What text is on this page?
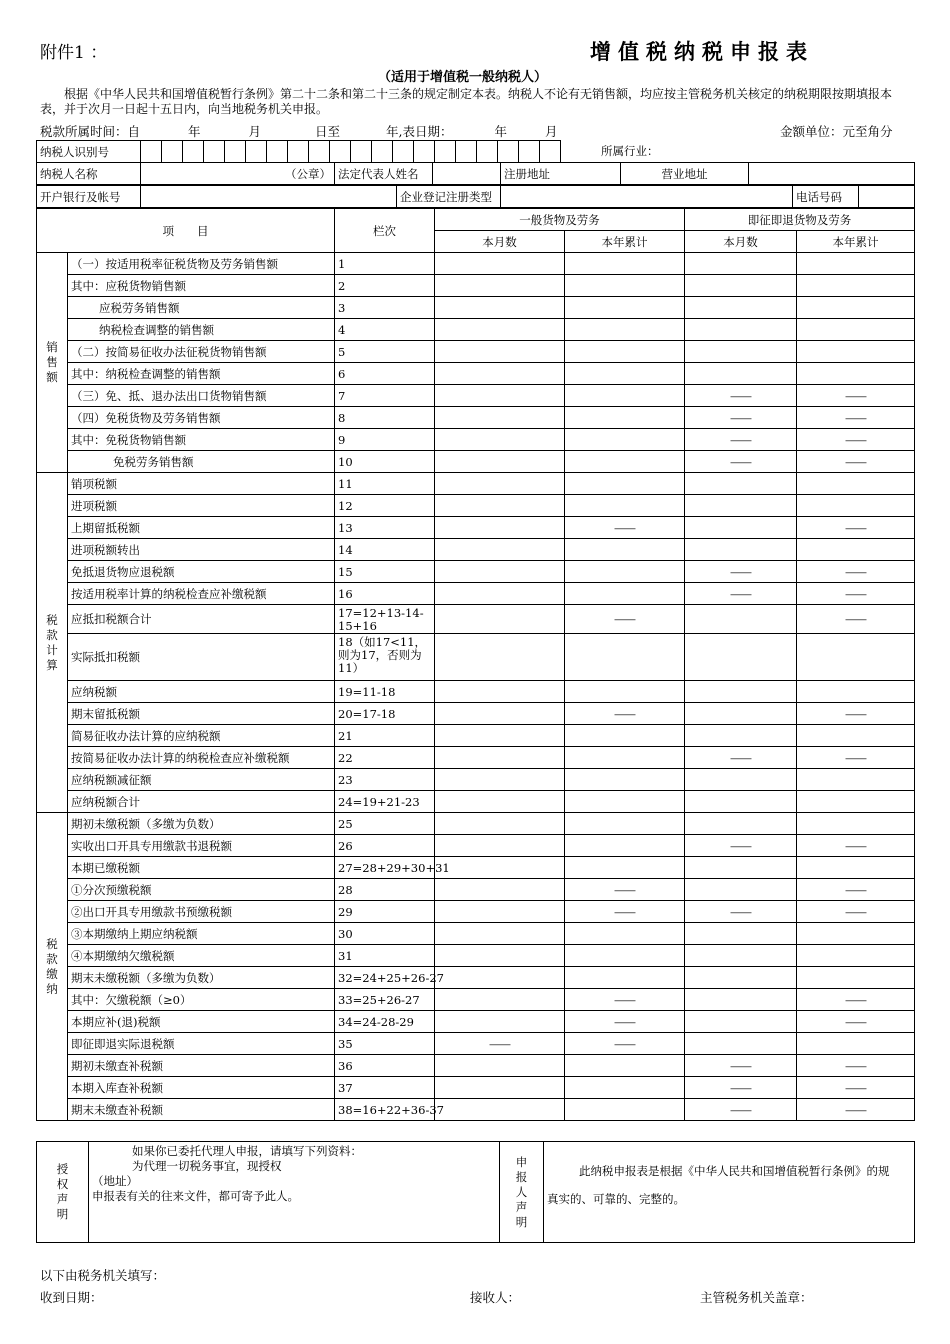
附件1 ：	增值税纳税申报表
（适用于增值税一般纳税人）
根据《中华人民共和国增值税暂行条例》第二十二条和第二十三条的规定制定本表。纳税人不论有无销售额，均应按主管税务机关核定的纳税期限按期填报本表，并于次月一日起十五日内，向当地税务机关申报。
税款所属时间：自	年	月	日至	年,表日期：	年	月	金额单位：元至角分
纳税人识别号																					所属行业：
纳税人名称	（公章）	法定代表人姓名		注册地址	营业地址	
开户银行及帐号		企业登记注册类型		电话号码	
项　　目		栏次	一般货物及劳务		即征即退货物及劳务	
			本月数	本年累计	本月数	本年累计
销售额	（一）按适用税率征税货物及劳务销售额	1				
	其中：应税货物销售额	2				
	应税劳务销售额	3				
	纳税检查调整的销售额	4				
	（二）按简易征收办法征税货物销售额	5				
	其中：纳税检查调整的销售额	6				
	（三）免、抵、退办法出口货物销售额	7			——	——
	（四）免税货物及劳务销售额	8			——	——
	其中：免税货物销售额	9			——	——
	免税劳务销售额	10			——	——
税款计算	销项税额	11				
	进项税额	12				
	上期留抵税额	13		——		——
	进项税额转出	14				
	免抵退货物应退税额	15			——	——
	按适用税率计算的纳税检查应补缴税额	16			——	——
	应抵扣税额合计	17=12+13-14-15+16		——		——
	实际抵扣税额	18（如17<11，则为17，否则为11）				
	应纳税额	19=11-18				
	期末留抵税额	20=17-18		——		——
	简易征收办法计算的应纳税额	21				
	按简易征收办法计算的纳税检查应补缴税额	22			——	——
	应纳税额减征额	23				
	应纳税额合计	24=19+21-23				
税款缴纳	期初未缴税额（多缴为负数）	25				
	实收出口开具专用缴款书退税额	26			——	——
	本期已缴税额	27=28+29+30+31				
	①分次预缴税额	28		——		——
	②出口开具专用缴款书预缴税额	29		——	——	——
	③本期缴纳上期应纳税额	30				
	④本期缴纳欠缴税额	31				
	期末未缴税额（多缴为负数）	32=24+25+26-27				
	其中：欠缴税额（≥0）	33=25+26-27		——		——
	本期应补(退)税额	34=24-28-29		——		——
	即征即退实际退税额	35	——	——		
	期初未缴查补税额	36			——	——
	本期入库查补税额	37			——	——
	期末未缴查补税额	38=16+22+36-37			——	——
授权声明	
如果你已委托代理人申报，请填写下列资料：
为代理一切税务事宜，现授权
（地址）
申报表有关的往来文件，都可寄予此人。
	申报人声明	
此纳税申报表是根据《中华人民共和国增值税暂行条例》的规
真实的、可靠的、完整的。
以下由税务机关填写：
收到日期：	接收人：	主管税务机关盖章：
